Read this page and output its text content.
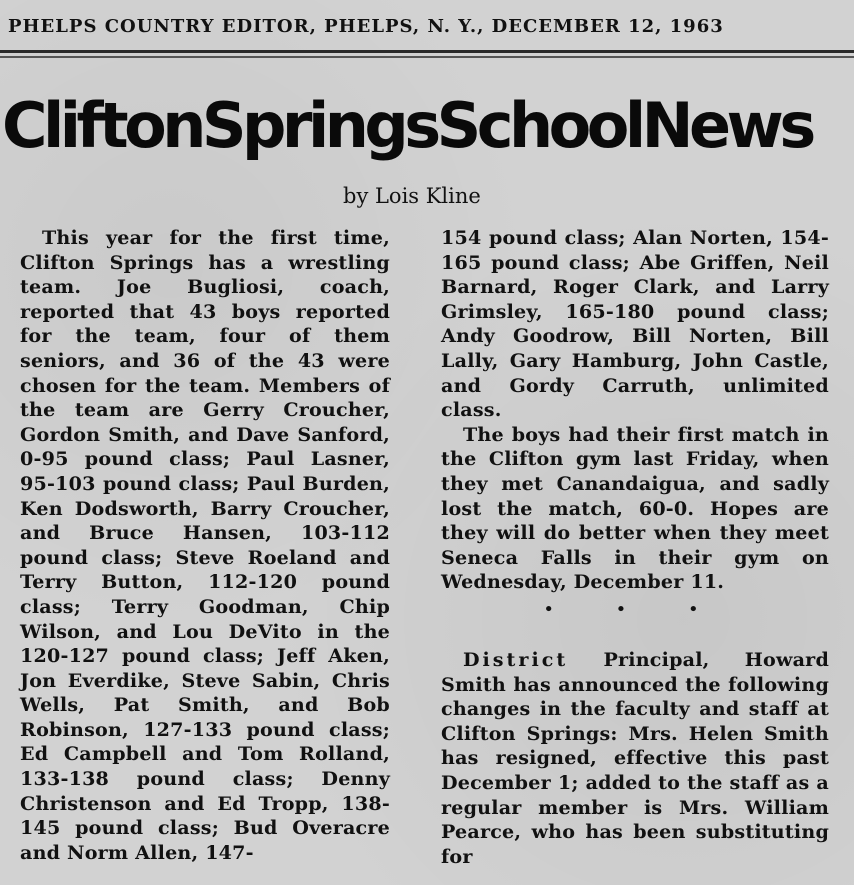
PHELPS COUNTRY EDITOR, PHELPS, N. Y., DECEMBER 12, 1963
CliftonSpringsSchoolNews
by Lois Kline

This year for the first time, Clifton Springs has a wrestling team. Joe Bugliosi, coach, reported that 43 boys reported for the team, four of them seniors, and 36 of the 43 were chosen for the team. Members of the team are Gerry Croucher, Gordon Smith, and Dave Sanford, 0-95 pound class; Paul Lasner, 95-103 pound class; Paul Burden, Ken Dodsworth, Barry Croucher, and Bruce Hansen, 103-112 pound class; Steve Roeland and Terry Button, 112-120 pound class; Terry Goodman, Chip Wilson, and Lou DeVito in the 120-127 pound class; Jeff Aken, Jon Everdike, Steve Sabin, Chris Wells, Pat Smith, and Bob Robinson, 127-133 pound class; Ed Campbell and Tom Rolland, 133-138 pound class; Denny Christenson and Ed Tropp, 138-145 pound class; Bud Overacre and Norm Allen, 147-

154 pound class; Alan Norten, 154-165 pound class; Abe Griffen, Neil Barnard, Roger Clark, and Larry Grimsley, 165-180 pound class; Andy Goodrow, Bill Norten, Bill Lally, Gary Hamburg, John Castle, and Gordy Carruth, unlimited class.

The boys had their first match in the Clifton gym last Friday, when they met Canandaigua, and sadly lost the match, 60-0. Hopes are they will do better when they meet Seneca Falls in their gym on Wednesday, December 11.

• • •

District Principal, Howard Smith has announced the following changes in the faculty and staff at Clifton Springs: Mrs. Helen Smith has resigned, effective this past December 1; added to the staff as a regular member is Mrs. William Pearce, who has been substituting for
